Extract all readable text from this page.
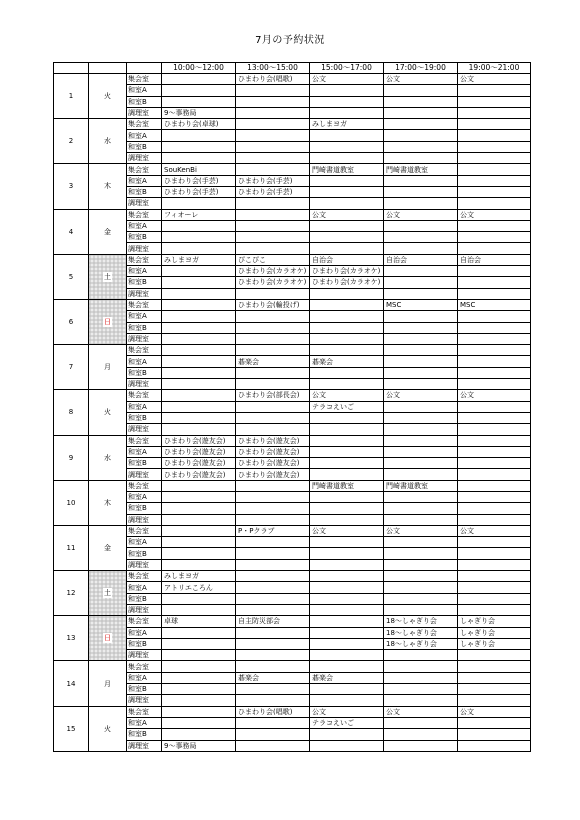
7月の予約状況
			10:00〜12:00	13:00〜15:00	15:00〜17:00	17:00〜19:00	19:00〜21:00
1	火	集会室		ひまわり会(唱歌)	公文	公文	公文
		和室A					
		和室B					
		調理室	9〜事務局				
2	水	集会室	ひまわり会(卓球)		みしまヨガ		
		和室A					
		和室B					
		調理室					
3	木	集会室	SouKenBi		門崎書道教室	門崎書道教室	
		和室A	ひまわり会(手芸)	ひまわり会(手芸)			
		和室B	ひまわり会(手芸)	ひまわり会(手芸)			
		調理室					
4	金	集会室	フィオーレ		公文	公文	公文
		和室A					
		和室B					
		調理室					
5	土	集会室	みしまヨガ	ぴこぴこ	自治会	自治会	自治会
		和室A		ひまわり会(カラオケ)	ひまわり会(カラオケ)		
		和室B		ひまわり会(カラオケ)	ひまわり会(カラオケ)		
		調理室					
6	日	集会室		ひまわり会(輪投げ)		MSC	MSC
		和室A					
		和室B					
		調理室					
7	月	集会室					
		和室A		碁楽会	碁楽会		
		和室B					
		調理室					
8	火	集会室		ひまわり会(部長会)	公文	公文	公文
		和室A			テラコえいご		
		和室B					
		調理室					
9	水	集会室	ひまわり会(遊友会)	ひまわり会(遊友会)			
		和室A	ひまわり会(遊友会)	ひまわり会(遊友会)			
		和室B	ひまわり会(遊友会)	ひまわり会(遊友会)			
		調理室	ひまわり会(遊友会)	ひまわり会(遊友会)			
10	木	集会室			門崎書道教室	門崎書道教室	
		和室A					
		和室B					
		調理室					
11	金	集会室		P・Pクラブ	公文	公文	公文
		和室A					
		和室B					
		調理室					
12	土	集会室	みしまヨガ				
		和室A	アトリエころん				
		和室B					
		調理室					
13	日	集会室	卓球	自主防災部会		18〜しゃぎり会	しゃぎり会
		和室A				18〜しゃぎり会	しゃぎり会
		和室B				18〜しゃぎり会	しゃぎり会
		調理室					
14	月	集会室					
		和室A		碁楽会	碁楽会		
		和室B					
		調理室					
15	火	集会室		ひまわり会(唱歌)	公文	公文	公文
		和室A			テラコえいご		
		和室B					
		調理室	9〜事務局				
